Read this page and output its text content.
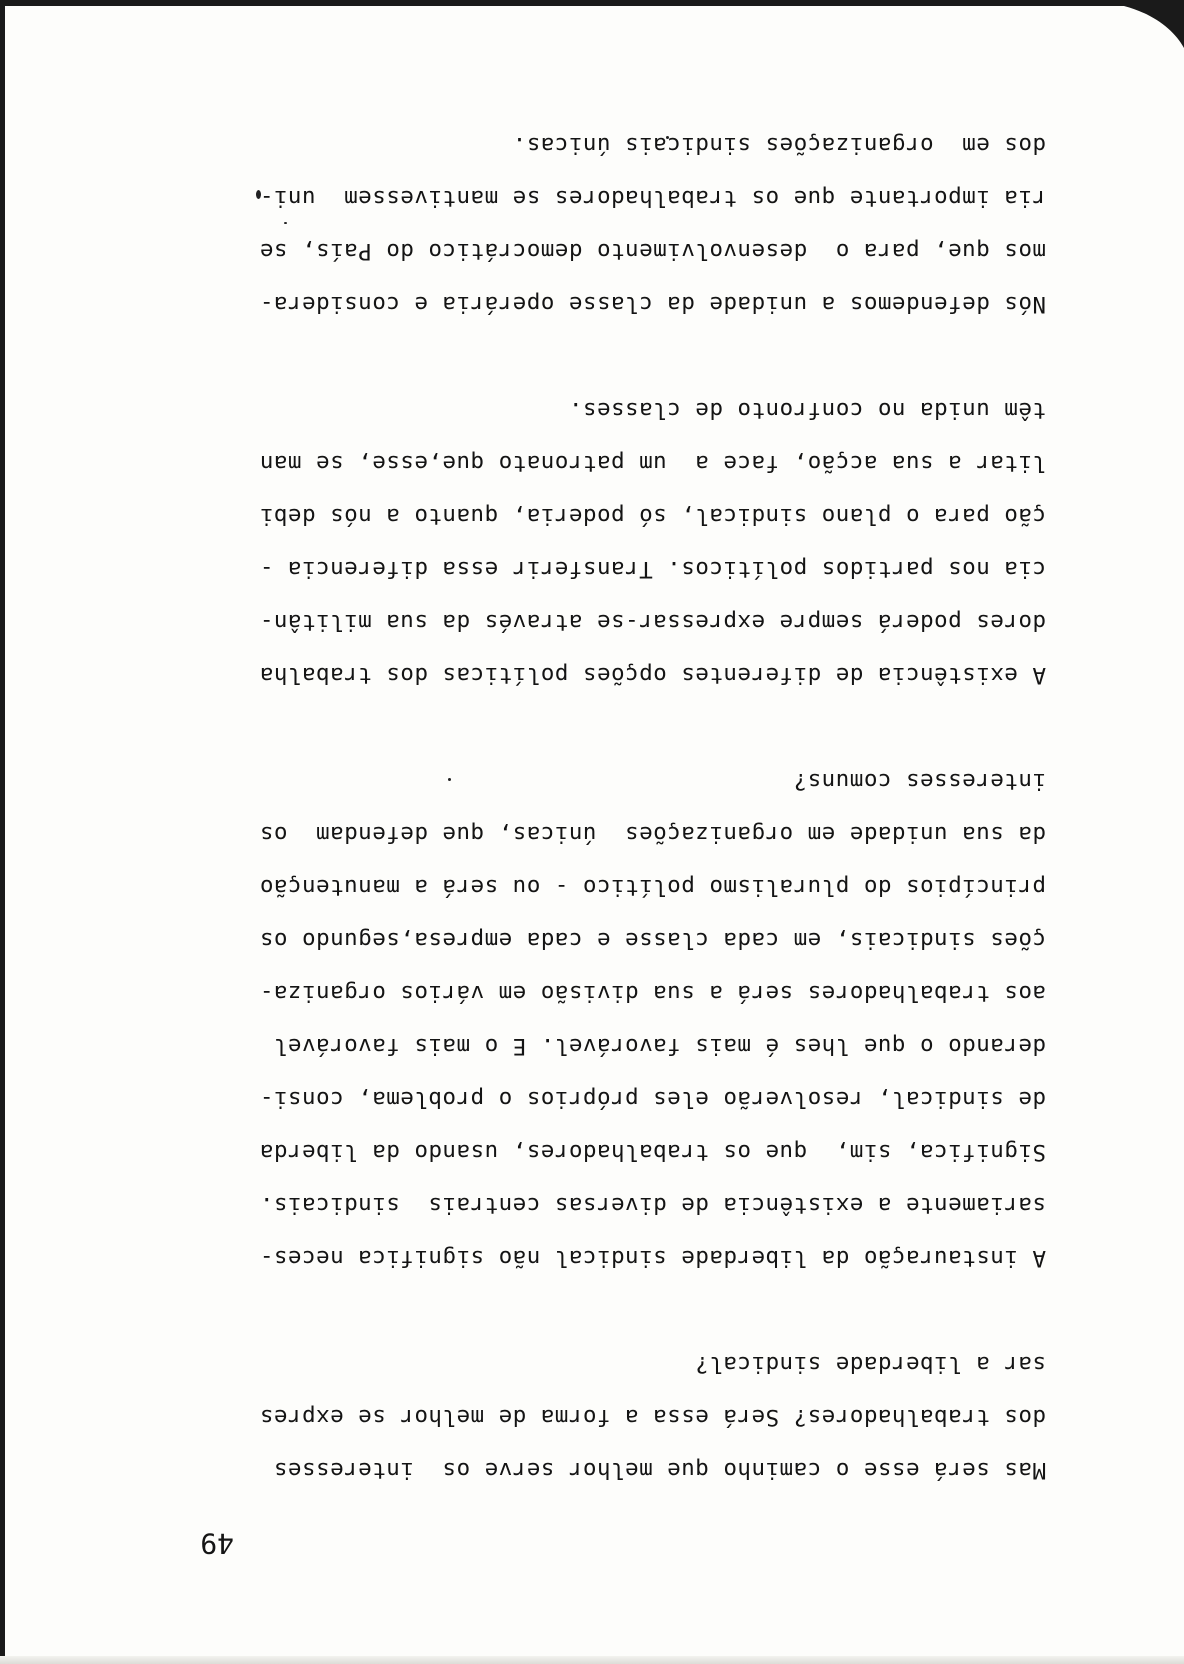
49
Mas será esse o caminho que melhor serve os  interesses
dos trabalhadores? Será essa a forma de melhor se expres
sar a liberdade sindical?
A instauração da liberdade sindical não significa neces-
sariamente a existência de diversas centrais  sindicais.
Significa, sim,  que os trabalhadores, usando da liberda
de sindical, resolverão eles próprios o problema, consi-
derando o que lhes é mais favorável. E o mais favorável
aos trabalhadores será a sua divisão em vários organiza-
ções sindicais, em cada classe e cada empresa,segundo os
princípios do pluralismo político - ou será a manutenção
da sua unidade em organizações  únicas, que defendam  os
interesses comuns?
A existência de diferentes opções políticas dos trabalha
dores poderá sempre expressar-se através da sua militân-
cia nos partidos políticos. Transferir essa diferencia -
ção para o plano sindical, só poderia, quanto a nós debi
litar a sua acção, face a  um patronato que,esse, se man
têm unida no confronto de classes.
Nós defendemos a unidade da classe operária e considera-
mos que, para o  desenvolvimento democrático do País, se
ria importante que os trabalhadores se mantivessem  uni-
dos em  organizações sindicais únicas.
